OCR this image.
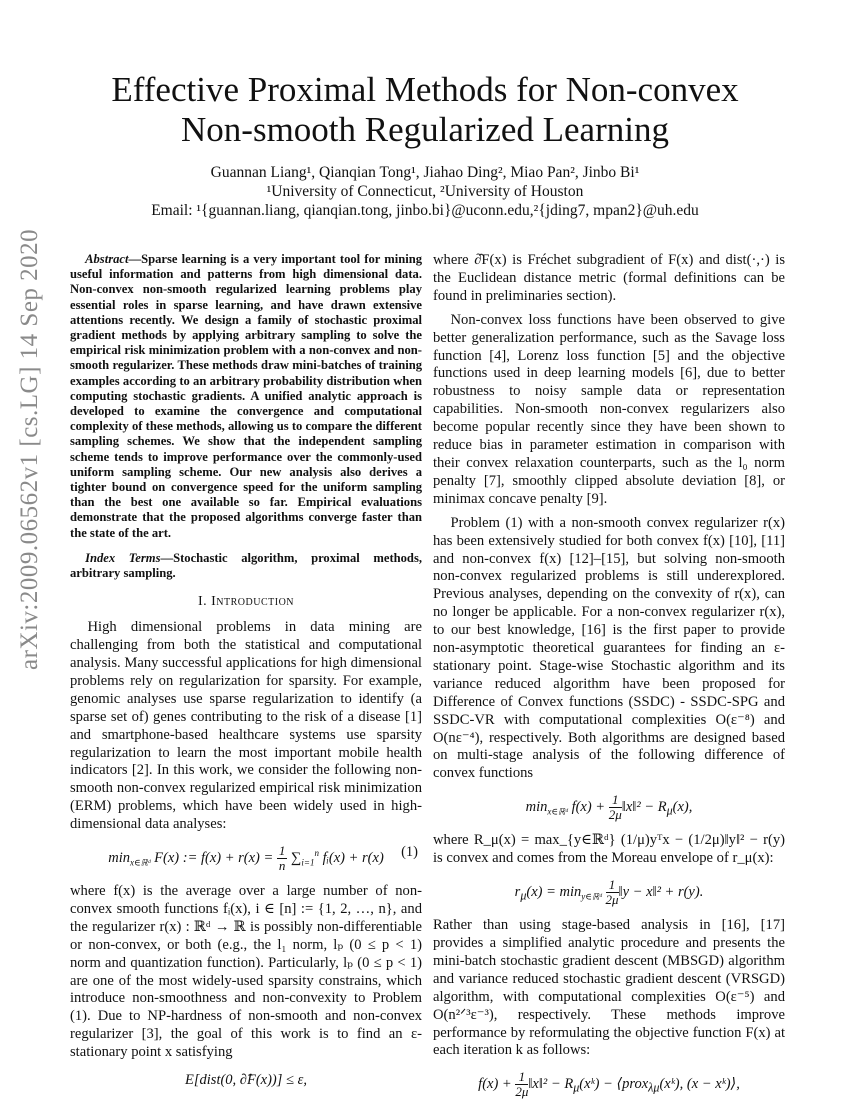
arXiv:2009.06562v1 [cs.LG] 14 Sep 2020
Effective Proximal Methods for Non-convex
Non-smooth Regularized Learning
Guannan Liang¹, Qianqian Tong¹, Jiahao Ding², Miao Pan², Jinbo Bi¹
¹University of Connecticut, ²University of Houston
Email: ¹{guannan.liang, qianqian.tong, jinbo.bi}@uconn.edu,²{jding7, mpan2}@uh.edu

Abstract—Sparse learning is a very important tool for mining useful information and patterns from high dimensional data. Non-convex non-smooth regularized learning problems play essential roles in sparse learning, and have drawn extensive attentions recently. We design a family of stochastic proximal gradient methods by applying arbitrary sampling to solve the empirical risk minimization problem with a non-convex and non-smooth regularizer. These methods draw mini-batches of training examples according to an arbitrary probability distribution when computing stochastic gradients. A unified analytic approach is developed to examine the convergence and computational complexity of these methods, allowing us to compare the different sampling schemes. We show that the independent sampling scheme tends to improve performance over the commonly-used uniform sampling scheme. Our new analysis also derives a tighter bound on convergence speed for the uniform sampling than the best one available so far. Empirical evaluations demonstrate that the proposed algorithms converge faster than the state of the art.

Index Terms—Stochastic algorithm, proximal methods, arbitrary sampling.

I. Introduction

High dimensional problems in data mining are challenging from both the statistical and computational analysis. Many successful applications for high dimensional problems rely on regularization for sparsity. For example, genomic analyses use sparse regularization to identify (a sparse set of) genes contributing to the risk of a disease [1] and smartphone-based healthcare systems use sparsity regularization to learn the most important mobile health indicators [2]. In this work, we consider the following non-smooth non-convex regularized empirical risk minimization (ERM) problems, which have been widely used in high-dimensional data analyses:

$\min_{x\in ℝᵈ} F(x)$ := $f(x) + r(x) = \frac{1}{n} \sum_{i=1}^n$ fᵢ(x) + r(x) (1)

where f(x) is the average over a large number of non-convex smooth functions fᵢ(x), i ∈ [n] := {1, 2, …, n}, and the regularizer r(x) : ℝᵈ → ℝ is possibly non-differentiable or non-convex, or both (e.g., the l₁ norm, lₚ (0 ≤ p < 1) norm and quantization function). Particularly, lₚ (0 ≤ p < 1) are one of the most widely-used sparsity constrains, which introduce non-smoothness and non-convexity to Problem (1). Due to NP-hardness of non-smooth and non-convex regularizer [3], the goal of this work is to find an ε-stationary point x satisfying

E[dist(0, ∂̂F(x))] ≤ ε,

where ∂̂F(x) is Fréchet subgradient of F(x) and dist(·,·) is the Euclidean distance metric (formal definitions can be found in preliminaries section).

Non-convex loss functions have been observed to give better generalization performance, such as the Savage loss function [4], Lorenz loss function [5] and the objective functions used in deep learning models [6], due to better robustness to noisy sample data or representation capabilities. Non-smooth non-convex regularizers also become popular recently since they have been shown to reduce bias in parameter estimation in comparison with their convex relaxation counterparts, such as the l₀ norm penalty [7], smoothly clipped absolute deviation [8], or minimax concave penalty [9].

Problem (1) with a non-smooth convex regularizer r(x) has been extensively studied for both convex f(x) [10], [11] and non-convex f(x) [12]–[15], but solving non-smooth non-convex regularized problems is still underexplored. Previous analyses, depending on the convexity of r(x), can no longer be applicable. For a non-convex regularizer r(x), to our best knowledge, [16] is the first paper to provide non-asymptotic theoretical guarantees for finding an ε-stationary point. Stage-wise Stochastic algorithm and its variance reduced algorithm have been proposed for Difference of Convex functions (SSDC) - SSDC-SPG and SSDC-VR with computational complexities O(ε⁻⁸) and O(nε⁻⁴), respectively. Both algorithms are designed based on multi-stage analysis of the following difference of convex functions

$\min_{x\in ℝᵈ} f(x) + \frac{1}{2\mu}$ ‖x‖² − $R_\mu(x)$,

where R_μ(x) = max_{y∈ℝᵈ} (1/μ)yᵀx − (1/2μ)‖y‖² − r(y) is convex and comes from the Moreau envelope of r_μ(x):

$r_\mu(x) = \min_{y\in ℝᵈ} \frac{1}{2\mu}$ ‖y − x‖² + r(y).

Rather than using stage-based analysis in [16], [17] provides a simplified analytic procedure and presents the mini-batch stochastic gradient descent (MBSGD) algorithm and variance reduced stochastic gradient descent (VRSGD) algorithm, with computational complexities O(ε⁻⁵) and O(n²ᐟ³ε⁻³), respectively. These methods improve performance by reformulating the objective function F(x) at each iteration k as follows:

$f(x) + \frac{1}{2\mu}$ ‖x‖² − $R_\mu(xᵏ)$ − ⟨prox$_{\lambda\mu}$(xᵏ), (x − xᵏ)⟩,
